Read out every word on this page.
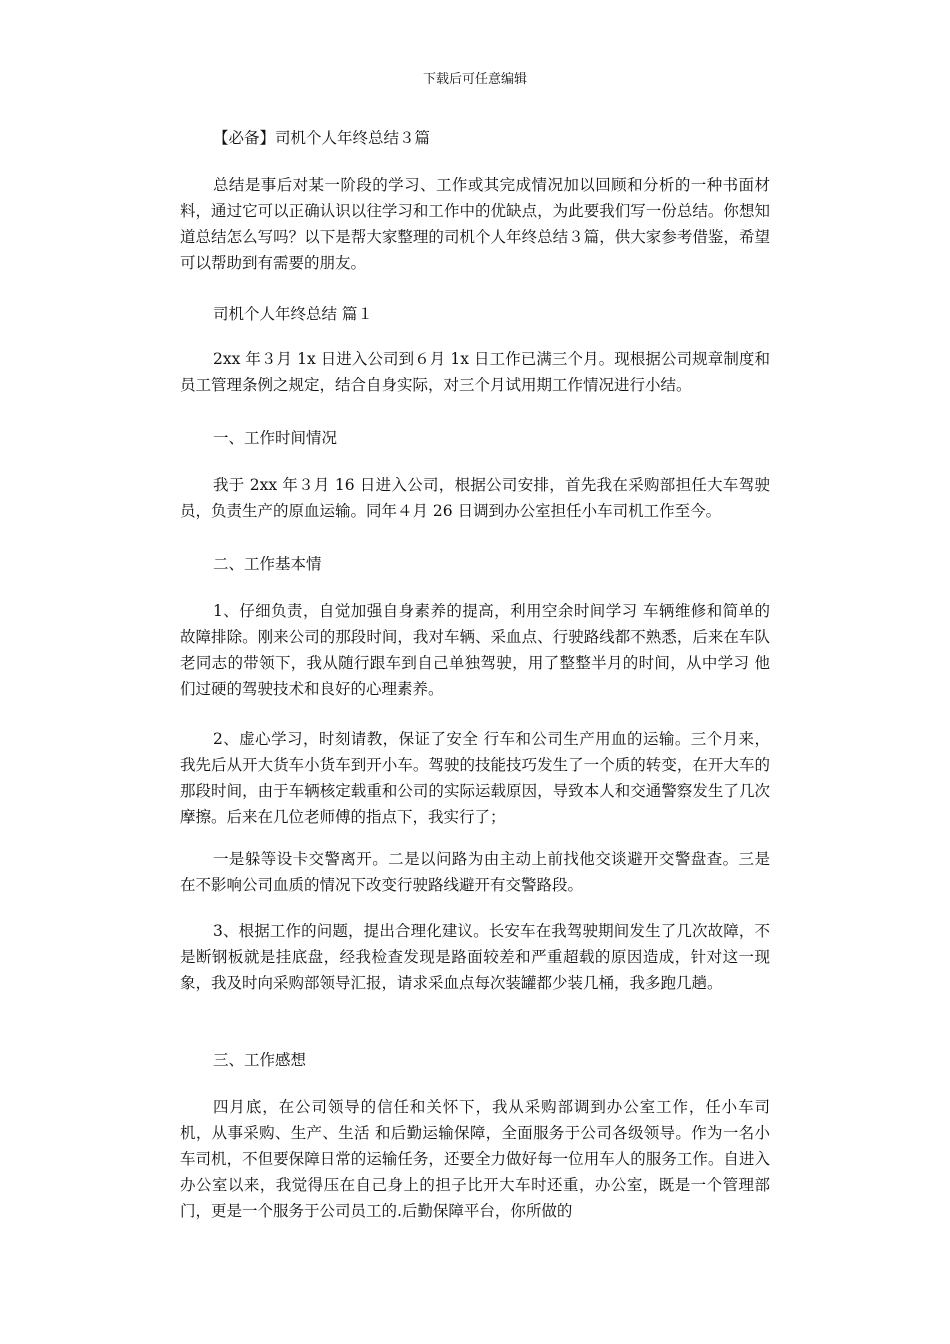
下载后可任意编辑
【必备】司机个人年终总结３篇
总结是事后对某一阶段的学习、工作或其完成情况加以回顾和分析的一种书面材料，通过它可以正确认识以往学习和工作中的优缺点，为此要我们写一份总结。你想知道总结怎么写吗？以下是帮大家整理的司机个人年终总结３篇，供大家参考借鉴，希望可以帮助到有需要的朋友。
司机个人年终总结 篇１
2xx 年３月 1x 日进入公司到６月 1x 日工作已满三个月。现根据公司规章制度和员工管理条例之规定，结合自身实际，对三个月试用期工作情况进行小结。
一、工作时间情况
我于 2xx 年３月 16 日进入公司，根据公司安排，首先我在采购部担任大车驾驶员，负责生产的原血运输。同年４月 26 日调到办公室担任小车司机工作至今。
二、工作基本情
1、仔细负责，自觉加强自身素养的提高，利用空余时间学习 车辆维修和简单的故障排除。刚来公司的那段时间，我对车辆、采血点、行驶路线都不熟悉，后来在车队老同志的带领下，我从随行跟车到自己单独驾驶，用了整整半月的时间，从中学习 他们过硬的驾驶技术和良好的心理素养。
2、虚心学习，时刻请教，保证了安全 行车和公司生产用血的运输。三个月来，我先后从开大货车小货车到开小车。驾驶的技能技巧发生了一个质的转变，在开大车的那段时间，由于车辆核定载重和公司的实际运载原因，导致本人和交通警察发生了几次摩擦。后来在几位老师傅的指点下，我实行了；
一是躲等设卡交警离开。二是以问路为由主动上前找他交谈避开交警盘查。三是在不影响公司血质的情况下改变行驶路线避开有交警路段。
3、根据工作的问题，提出合理化建议。长安车在我驾驶期间发生了几次故障，不是断钢板就是挂底盘，经我检查发现是路面较差和严重超载的原因造成，针对这一现象，我及时向采购部领导汇报，请求采血点每次装罐都少装几桶，我多跑几趟。
三、工作感想
四月底，在公司领导的信任和关怀下，我从采购部调到办公室工作，任小车司机，从事采购、生产、生活 和后勤运输保障，全面服务于公司各级领导。作为一名小车司机，不但要保障日常的运输任务，还要全力做好每一位用车人的服务工作。自进入办公室以来，我觉得压在自己身上的担子比开大车时还重，办公室，既是一个管理部门，更是一个服务于公司员工的.后勤保障平台，你所做的
